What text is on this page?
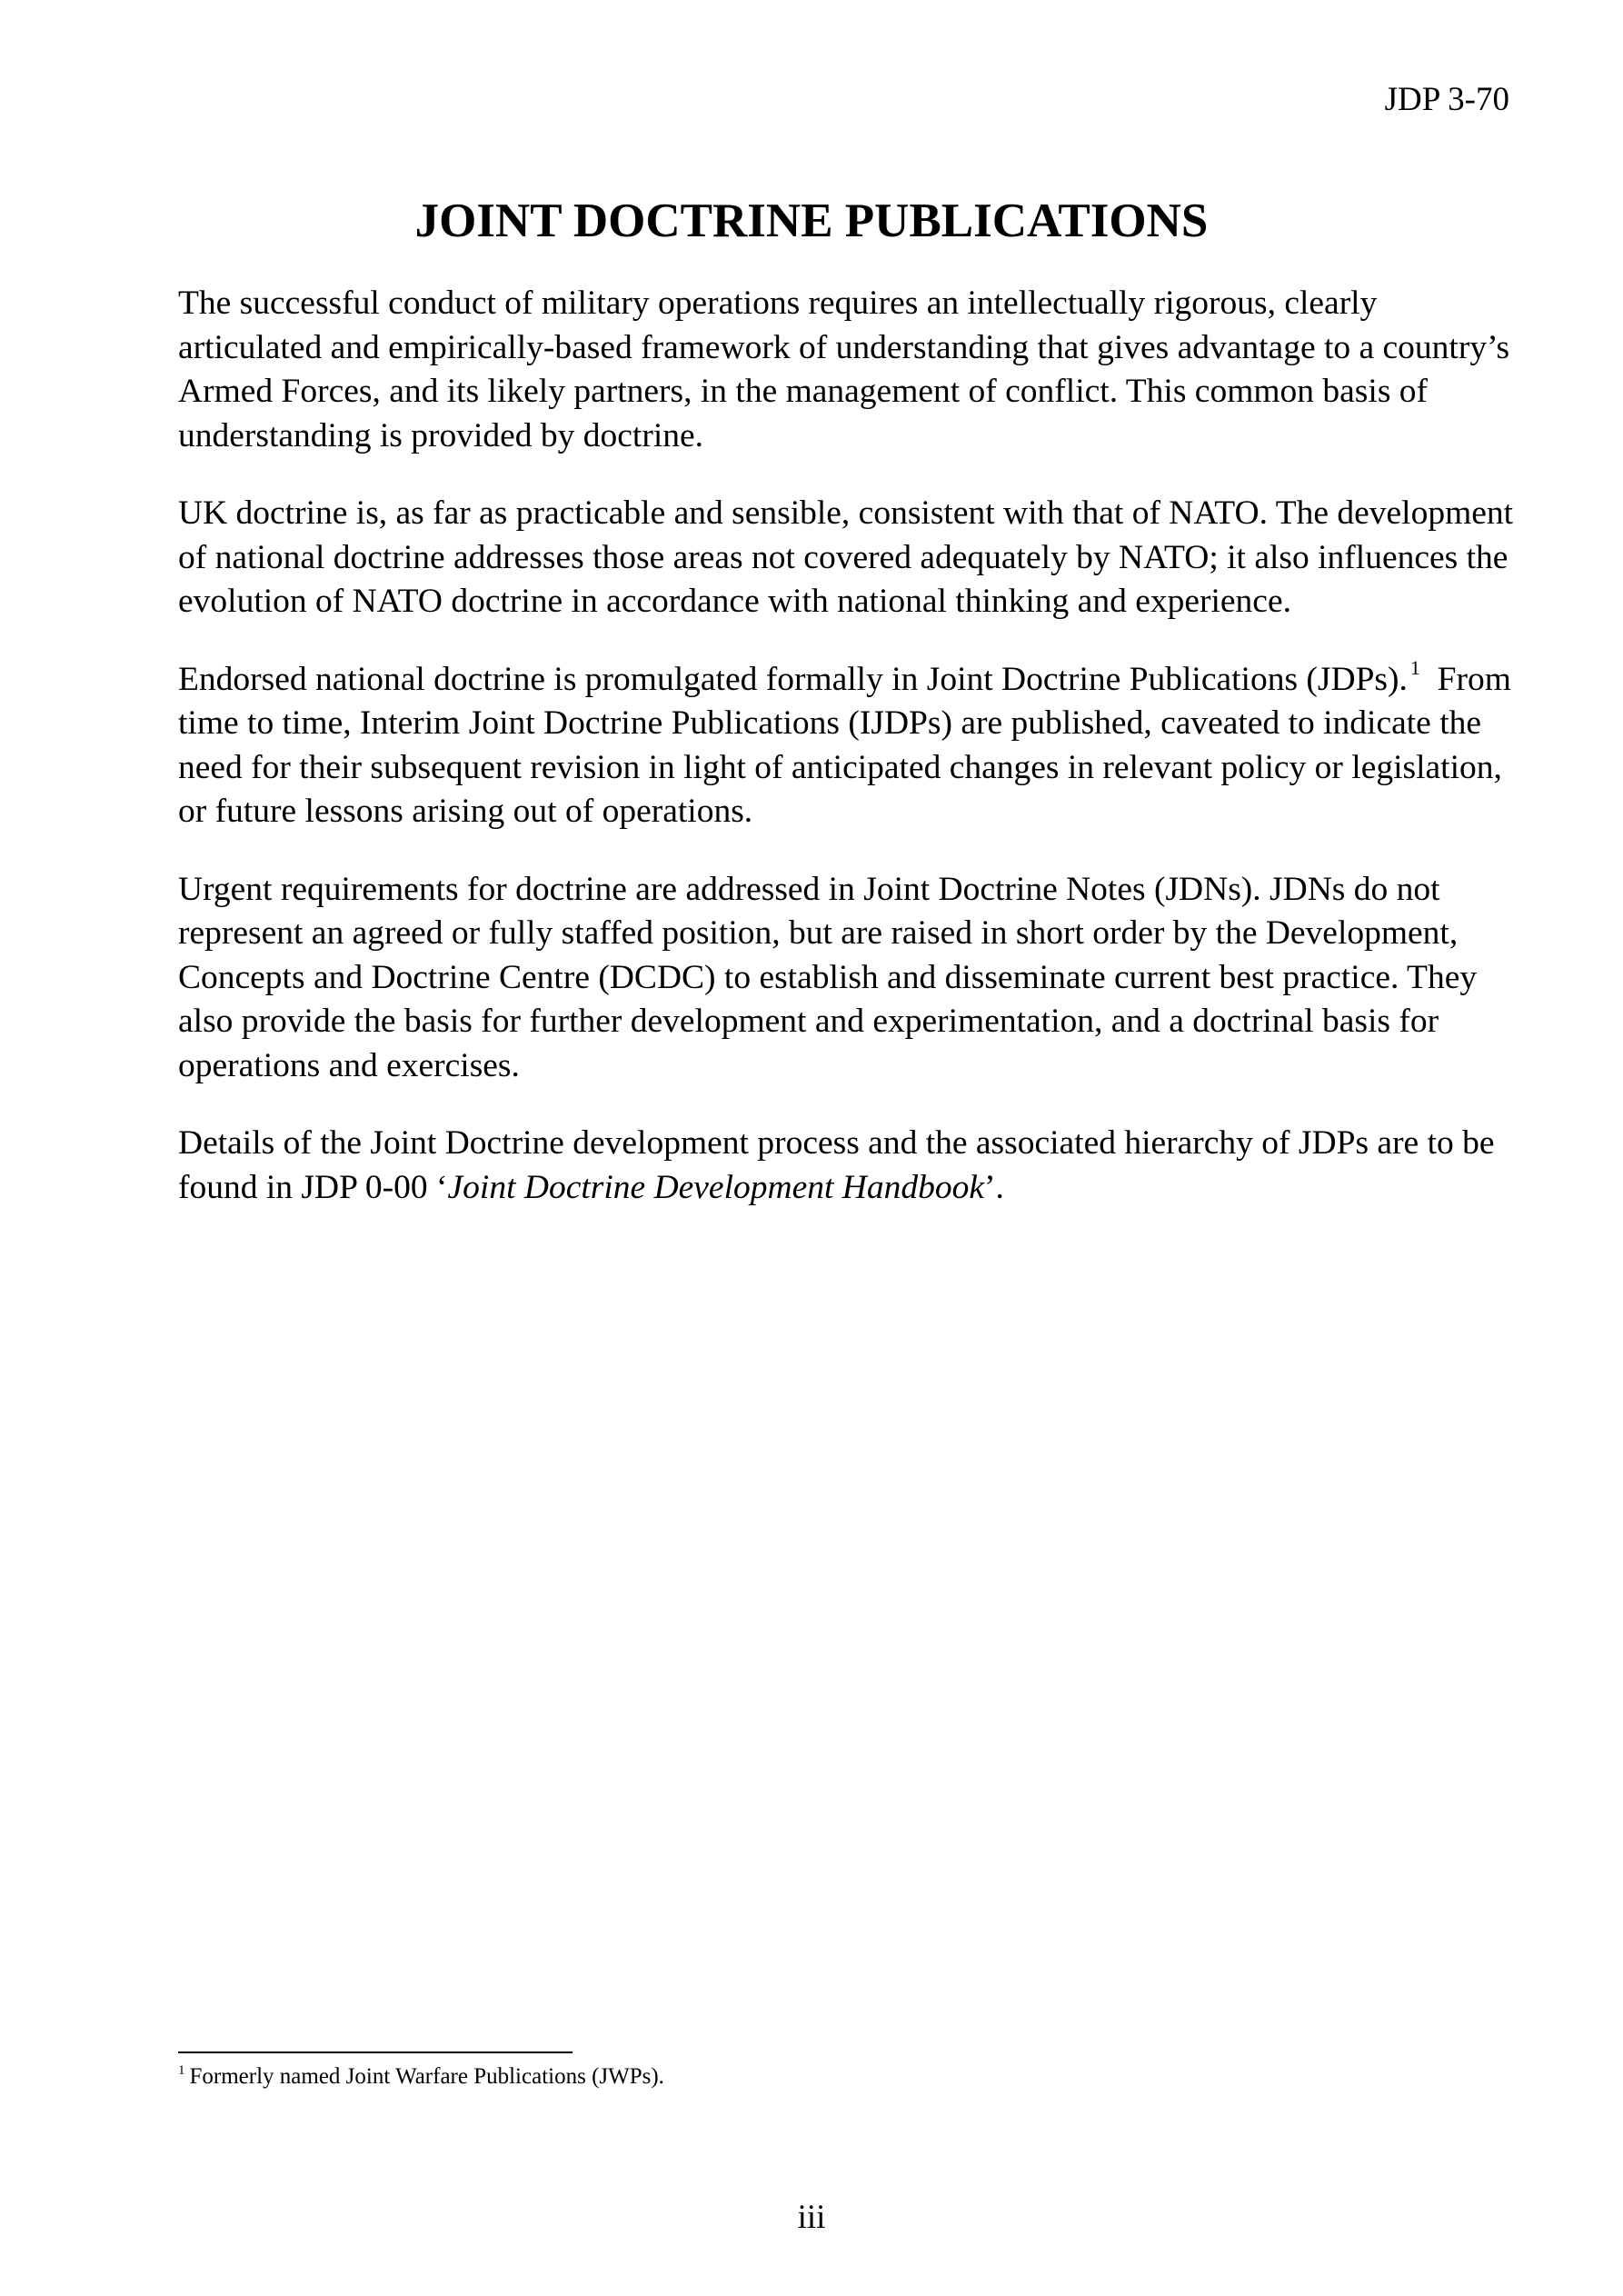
JDP 3-70
JOINT DOCTRINE PUBLICATIONS

The successful conduct of military operations requires an intellectually rigorous, clearly articulated and empirically-based framework of understanding that gives advantage to a country’s Armed Forces, and its likely partners, in the management of conflict. This common basis of understanding is provided by doctrine.

UK doctrine is, as far as practicable and sensible, consistent with that of NATO. The development of national doctrine addresses those areas not covered adequately by NATO; it also influences the evolution of NATO doctrine in accordance with national thinking and experience.

Endorsed national doctrine is promulgated formally in Joint Doctrine Publications (JDPs). $^1$  From time to time, Interim Joint Doctrine Publications (IJDPs) are published, caveated to indicate the need for their subsequent revision in light of anticipated changes in relevant policy or legislation, or future lessons arising out of operations.

Urgent requirements for doctrine are addressed in Joint Doctrine Notes (JDNs). JDNs do not represent an agreed or fully staffed position, but are raised in short order by the Development, Concepts and Doctrine Centre (DCDC) to establish and disseminate current best practice. They also provide the basis for further development and experimentation, and a doctrinal basis for operations and exercises.

Details of the Joint Doctrine development process and the associated hierarchy of JDPs are to be found in JDP 0-00 ‘Joint Doctrine Development Handbook’.

$^1$ Formerly named Joint Warfare Publications (JWPs).
iii
